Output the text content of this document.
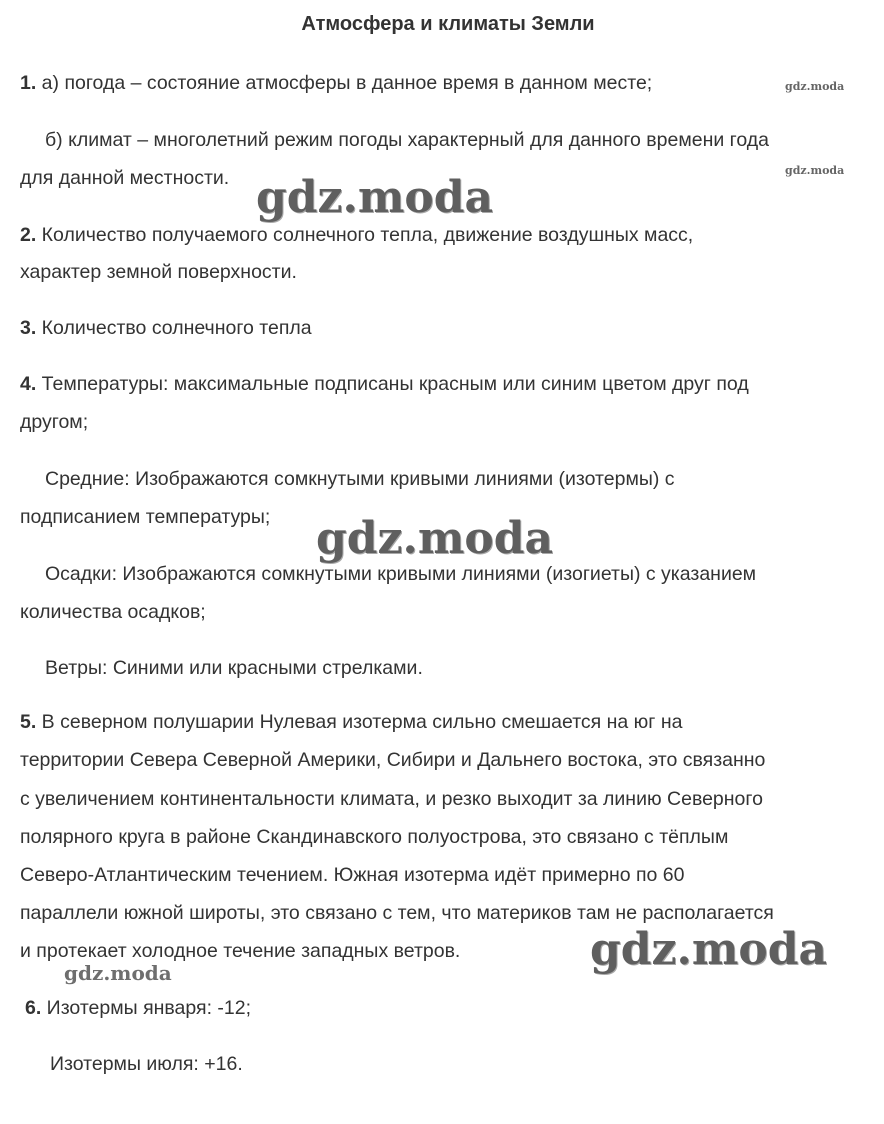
Атмосфера и климаты Земли
1. а) погода – состояние атмосферы в данное время в данном месте;
б) климат – многолетний режим погоды характерный для данного времени года
для данной местности.
2. Количество получаемого солнечного тепла, движение воздушных масс,
характер земной поверхности.
3. Количество солнечного тепла
4. Температуры: максимальные подписаны красным или синим цветом друг под
другом;
Средние: Изображаются сомкнутыми кривыми линиями (изотермы) с
подписанием температуры;
Осадки: Изображаются сомкнутыми кривыми линиями (изогиеты) с указанием
количества осадков;
Ветры: Синими или красными стрелками.
5. В северном полушарии Нулевая изотерма сильно смешается на юг на
территории Севера Северной Америки, Сибири и Дальнего востока, это связанно
с увеличением континентальности климата, и резко выходит за линию Северного
полярного круга в районе Скандинавского полуострова, это связано с тёплым
Северо-Атлантическим течением. Южная изотерма идёт примерно по 60
параллели южной широты, это связано с тем, что материков там не располагается
и протекает холодное течение западных ветров.
6. Изотермы января: -12;
Изотермы июля: +16.
gdz.moda
gdz.moda
gdz.moda
gdz.moda
gdz.moda
gdz.moda
